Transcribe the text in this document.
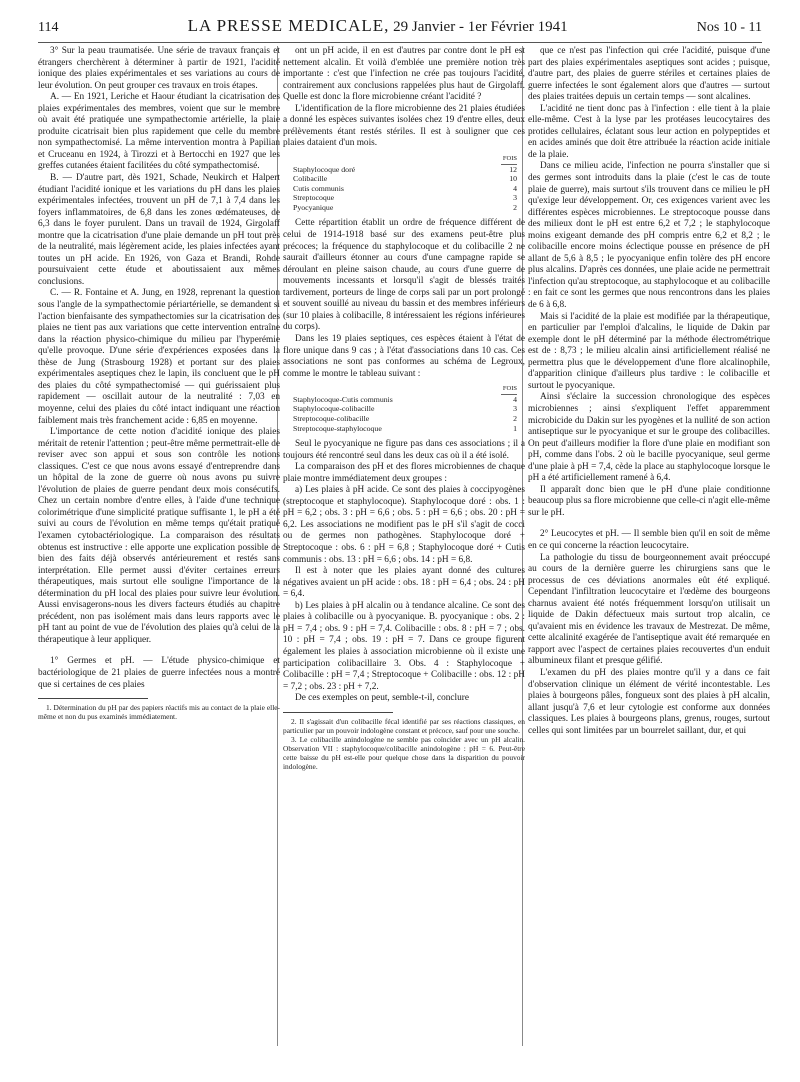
114	LA PRESSE MEDICALE, 29 Janvier - 1er Février 1941	Nos 10 - 11

3° Sur la peau traumatisée. Une série de travaux français et étrangers cherchèrent à déterminer à partir de 1921, l'acidité ionique des plaies expérimentales et ses variations au cours de leur évolution. On peut grouper ces travaux en trois étapes.

A. — En 1921, Leriche et Haour étudiant la cicatrisation des plaies expérimentales des membres, voient que sur le membre où avait été pratiquée une sympathectomie artérielle, la plaie produite cicatrisait bien plus rapidement que celle du membre non sympathectomisé. La même intervention montra à Papilian et Cruceanu en 1924, à Tirozzi et à Bertocchi en 1927 que les greffes cutanées étaient facilitées du côté sympathectomisé.

B. — D'autre part, dès 1921, Schade, Neukirch et Halpert étudiant l'acidité ionique et les variations du pH dans les plaies expérimentales infectées, trouvent un pH de 7,1 à 7,4 dans les foyers inflammatoires, de 6,8 dans les zones œdémateuses, de 6,3 dans le foyer purulent. Dans un travail de 1924, Girgolaff montre que la cicatrisation d'une plaie demande un pH tout près de la neutralité, mais légèrement acide, les plaies infectées ayant toutes un pH acide. En 1926, von Gaza et Brandi, Rohde poursuivaient cette étude et aboutissaient aux mêmes conclusions.

C. — R. Fontaine et A. Jung, en 1928, reprenant la question sous l'angle de la sympathectomie périartérielle, se demandent si l'action bienfaisante des sympathectomies sur la cicatrisation des plaies ne tient pas aux variations que cette intervention entraîne dans la réaction physico-chimique du milieu par l'hyperémie qu'elle provoque. D'une série d'expériences exposées dans la thèse de Jung (Strasbourg 1928) et portant sur des plaies expérimentales aseptiques chez le lapin, ils concluent que le pH des plaies du côté sympathectomisé — qui guérissaient plus rapidement — oscillait autour de la neutralité : 7,03 en moyenne, celui des plaies du côté intact indiquant une réaction faiblement mais très franchement acide : 6,85 en moyenne.

L'importance de cette notion d'acidité ionique des plaies méritait de retenir l'attention ; peut-être même permettrait-elle de reviser avec son appui et sous son contrôle les notions classiques. C'est ce que nous avons essayé d'entreprendre dans un hôpital de la zone de guerre où nous avons pu suivre l'évolution de plaies de guerre pendant deux mois consécutifs. Chez un certain nombre d'entre elles, à l'aide d'une technique colorimétrique d'une simplicité pratique suffisante 1, le pH a été suivi au cours de l'évolution en même temps qu'était pratiqué l'examen cytobactériologique. La comparaison des résultats obtenus est instructive : elle apporte une explication possible de bien des faits déjà observés antérieurement et restés sans interprétation. Elle permet aussi d'éviter certaines erreurs thérapeutiques, mais surtout elle souligne l'importance de la détermination du pH local des plaies pour suivre leur évolution. Aussi envisagerons-nous les divers facteurs étudiés au chapitre précédent, non pas isolément mais dans leurs rapports avec le pH tant au point de vue de l'évolution des plaies qu'à celui de la thérapeutique à leur appliquer.

1° Germes et pH. — L'étude physico-chimique et bactériologique de 21 plaies de guerre infectées nous a montré que si certaines de ces plaies

1. Détermination du pH par des papiers réactifs mis au contact de la plaie elle-même et non du pus examinés immédiatement.

ont un pH acide, il en est d'autres par contre dont le pH est nettement alcalin. Et voilà d'emblée une première notion très importante : c'est que l'infection ne crée pas toujours l'acidité, contrairement aux conclusions rappelées plus haut de Girgolaff. Quelle est donc la flore microbienne créant l'acidité ?

L'identification de la flore microbienne des 21 plaies étudiées a donné les espèces suivantes isolées chez 19 d'entre elles, deux prélèvements étant restés stériles. Il est à souligner que ces plaies dataient d'un mois.

FOIS
Staphylocoque doré	12
Colibacille	10
Cutis communis	4
Streptocoque	3
Pyocyanique	2

Cette répartition établit un ordre de fréquence différent de celui de 1914-1918 basé sur des examens peut-être plus précoces; la fréquence du staphylocoque et du colibacille 2 ne saurait d'ailleurs étonner au cours d'une campagne rapide se déroulant en pleine saison chaude, au cours d'une guerre de mouvements incessants et lorsqu'il s'agit de blessés traités tardivement, porteurs de linge de corps sali par un port prolongé et souvent souillé au niveau du bassin et des membres inférieurs (sur 10 plaies à colibacille, 8 intéressaient les régions inférieures du corps).

Dans les 19 plaies septiques, ces espèces étaient à l'état de flore unique dans 9 cas ; à l'état d'associations dans 10 cas. Ces associations ne sont pas conformes au schéma de Legroux, comme le montre le tableau suivant :

FOIS
Staphylocoque-Cutis communis	4
Staphylocoque-colibacille	3
Streptocoque-colibacille	2
Streptocoque-staphylocoque	1

Seul le pyocyanique ne figure pas dans ces associations ; il a toujours été rencontré seul dans les deux cas où il a été isolé.

La comparaison des pH et des flores microbiennes de chaque plaie montre immédiatement deux groupes :

a) Les plaies à pH acide. Ce sont des plaies à coccipyogènes (streptocoque et staphylocoque). Staphylocoque doré : obs. 1 : pH = 6,2 ; obs. 3 : pH = 6,6 ; obs. 5 : pH = 6,6 ; obs. 20 : pH = 6,2. Les associations ne modifient pas le pH s'il s'agit de cocci ou de germes non pathogènes. Staphylocoque doré + Streptocoque : obs. 6 : pH = 6,8 ; Staphylocoque doré + Cutis communis : obs. 13 : pH = 6,6 ; obs. 14 : pH = 6,8.

Il est à noter que les plaies ayant donné des cultures négatives avaient un pH acide : obs. 18 : pH = 6,4 ; obs. 24 : pH = 6,4.

b) Les plaies à pH alcalin ou à tendance alcaline. Ce sont des plaies à colibacille ou à pyocyanique. B. pyocyanique : obs. 2 : pH = 7,4 ; obs. 9 : pH = 7,4. Colibacille : obs. 8 : pH = 7 ; obs. 10 : pH = 7,4 ; obs. 19 : pH = 7. Dans ce groupe figurent également les plaies à association microbienne où il existe une participation colibacillaire 3. Obs. 4 : Staphylocoque + Colibacille : pH = 7,4 ; Streptocoque + Colibacille : obs. 12 : pH = 7,2 ; obs. 23 : pH + 7,2.

De ces exemples on peut, semble-t-il, conclure

2. Il s'agissait d'un colibacille fécal identifié par ses réactions classiques, en particulier par un pouvoir indologène constant et précoce, sauf pour une souche.

3. Le colibacille anindologène ne semble pas coïncider avec un pH alcalin. Observation VII : staphylocoque/colibacille anindologène : pH = 6. Peut-être cette baisse du pH est-elle pour quelque chose dans la disparition du pouvoir indologène.

que ce n'est pas l'infection qui crée l'acidité, puisque d'une part des plaies expérimentales aseptiques sont acides ; puisque, d'autre part, des plaies de guerre stériles et certaines plaies de guerre infectées le sont également alors que d'autres — surtout des plaies traitées depuis un certain temps — sont alcalines.

L'acidité ne tient donc pas à l'infection : elle tient à la plaie elle-même. C'est à la lyse par les protéases leucocytaires des protides cellulaires, éclatant sous leur action en polypeptides et en acides aminés que doit être attribuée la réaction acide initiale de la plaie.

Dans ce milieu acide, l'infection ne pourra s'installer que si des germes sont introduits dans la plaie (c'est le cas de toute plaie de guerre), mais surtout s'ils trouvent dans ce milieu le pH qu'exige leur développement. Or, ces exigences varient avec les différentes espèces microbiennes. Le streptocoque pousse dans des milieux dont le pH est entre 6,2 et 7,2 ; le staphylocoque moins exigeant demande des pH compris entre 6,2 et 8,2 ; le colibacille encore moins éclectique pousse en présence de pH allant de 5,6 à 8,5 ; le pyocyanique enfin tolère des pH encore plus alcalins. D'après ces données, une plaie acide ne permettrait l'infection qu'au streptocoque, au staphylocoque et au colibacille : en fait ce sont les germes que nous rencontrons dans les plaies de 6 à 6,8.

Mais si l'acidité de la plaie est modifiée par la thérapeutique, en particulier par l'emploi d'alcalins, le liquide de Dakin par exemple dont le pH déterminé par la méthode électrométrique est de : 8,73 ; le milieu alcalin ainsi artificiellement réalisé ne permettra plus que le développement d'une flore alcalinophile, d'apparition clinique d'ailleurs plus tardive : le colibacille et surtout le pyocyanique.

Ainsi s'éclaire la succession chronologique des espèces microbiennes ; ainsi s'expliquent l'effet apparemment microbicide du Dakin sur les pyogènes et la nullité de son action antiseptique sur le pyocyanique et sur le groupe des colibacilles. On peut d'ailleurs modifier la flore d'une plaie en modifiant son pH, comme dans l'obs. 2 où le bacille pyocyanique, seul germe d'une plaie à pH = 7,4, cède la place au staphylocoque lorsque le pH a été artificiellement ramené à 6,4.

Il apparaît donc bien que le pH d'une plaie conditionne beaucoup plus sa flore microbienne que celle-ci n'agit elle-même sur le pH.

2° Leucocytes et pH. — Il semble bien qu'il en soit de même en ce qui concerne la réaction leucocytaire.

La pathologie du tissu de bourgeonnement avait préoccupé au cours de la dernière guerre les chirurgiens sans que le processus de ces déviations anormales eût été expliqué. Cependant l'infiltration leucocytaire et l'œdème des bourgeons charnus avaient été notés fréquemment lorsqu'on utilisait un liquide de Dakin défectueux mais surtout trop alcalin, ce qu'avaient mis en évidence les travaux de Mestrezat. De même, cette alcalinité exagérée de l'antiseptique avait été remarquée en rapport avec l'aspect de certaines plaies recouvertes d'un enduit albumineux filant et presque gélifié.

L'examen du pH des plaies montre qu'il y a dans ce fait d'observation clinique un élément de vérité incontestable. Les plaies à bourgeons pâles, fongueux sont des plaies à pH alcalin, allant jusqu'à 7,6 et leur cytologie est conforme aux données classiques. Les plaies à bourgeons plans, grenus, rouges, surtout celles qui sont limitées par un bourrelet saillant, dur, et qui
